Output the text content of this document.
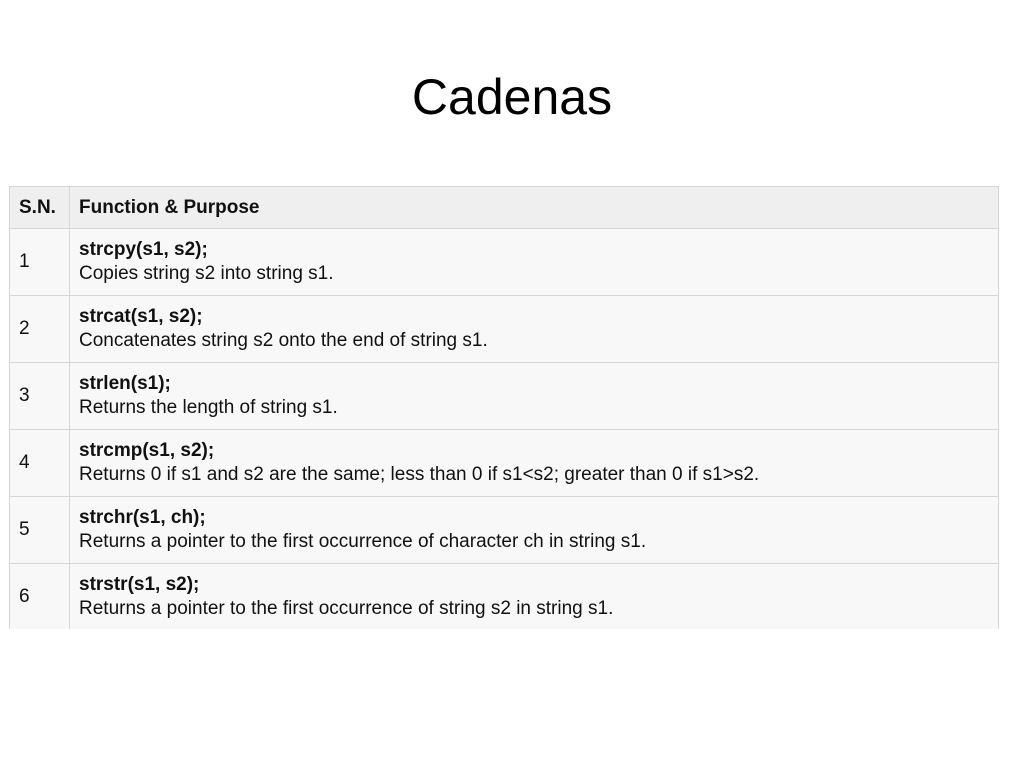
Cadenas
S.N.	Function & Purpose
1	strcpy(s1, s2);
Copies string s2 into string s1.

2	strcat(s1, s2);
Concatenates string s2 onto the end of string s1.

3	strlen(s1);
Returns the length of string s1.

4	strcmp(s1, s2);
Returns 0 if s1 and s2 are the same; less than 0 if s1<s2; greater than 0 if s1>s2.

5	strchr(s1, ch);
Returns a pointer to the first occurrence of character ch in string s1.

6	strstr(s1, s2);
Returns a pointer to the first occurrence of string s2 in string s1.
